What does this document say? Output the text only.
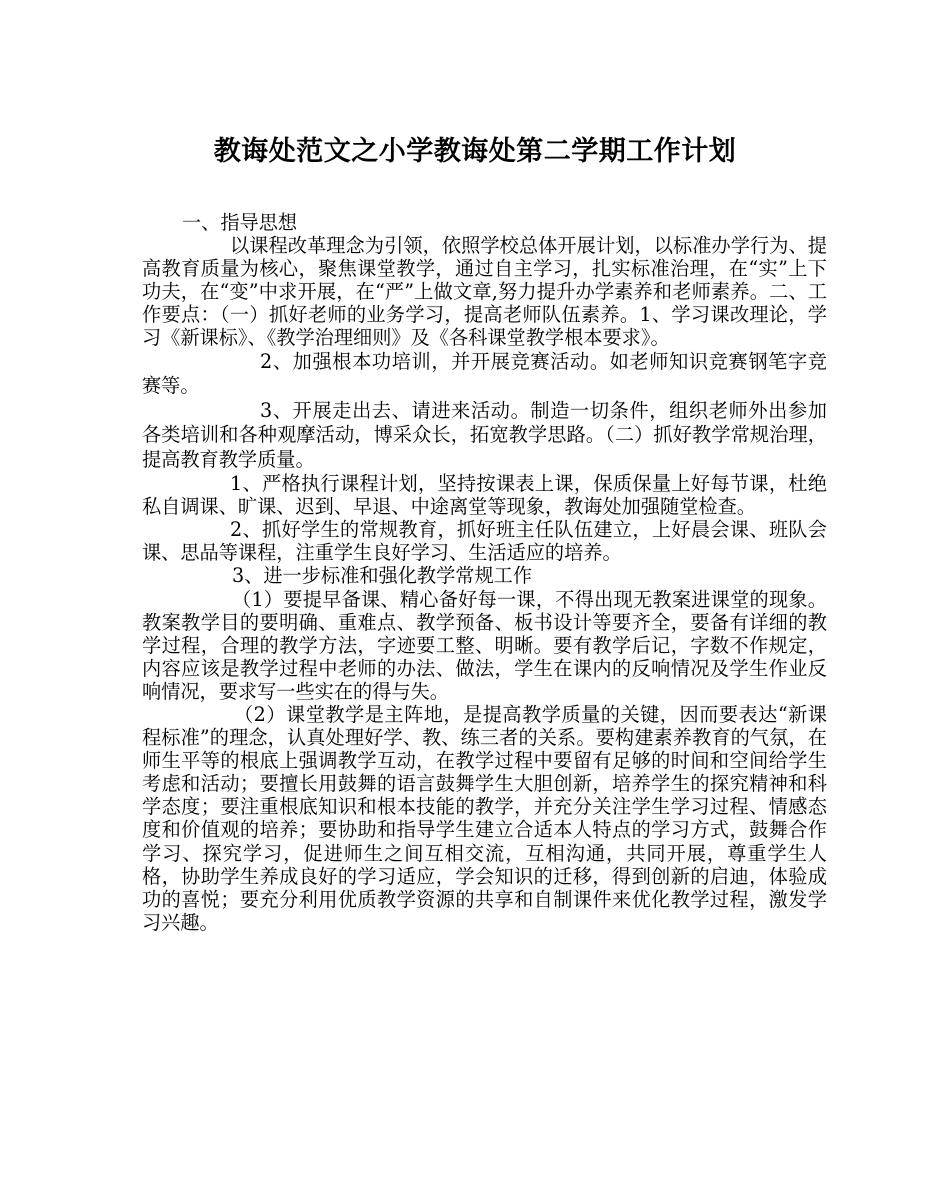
教诲处范文之小学教诲处第二学期工作计划

一、指导思想

以课程改革理念为引领，依照学校总体开展计划，以标准办学行为、提高教育质量为核心，聚焦课堂教学，通过自主学习，扎实标准治理，在“实”上下功夫，在“变”中求开展，在“严”上做文章,努力提升办学素养和老师素养。二、工作要点：（一）抓好老师的业务学习，提高老师队伍素养。1、学习课改理论，学习《新课标》、《教学治理细则》及《各科课堂教学根本要求》。

2、加强根本功培训，并开展竞赛活动。如老师知识竞赛钢笔字竞赛等。

3、开展走出去、请进来活动。制造一切条件，组织老师外出参加各类培训和各种观摩活动，博采众长，拓宽教学思路。（二）抓好教学常规治理，提高教育教学质量。

1、严格执行课程计划，坚持按课表上课，保质保量上好每节课，杜绝私自调课、旷课、迟到、早退、中途离堂等现象，教诲处加强随堂检查。

2、抓好学生的常规教育，抓好班主任队伍建立，上好晨会课、班队会课、思品等课程，注重学生良好学习、生活适应的培养。

3、进一步标准和强化教学常规工作

（1）要提早备课、精心备好每一课，不得出现无教案进课堂的现象。教案教学目的要明确、重难点、教学预备、板书设计等要齐全，要备有详细的教学过程，合理的教学方法，字迹要工整、明晰。要有教学后记，字数不作规定，内容应该是教学过程中老师的办法、做法，学生在课内的反响情况及学生作业反响情况，要求写一些实在的得与失。

（2）课堂教学是主阵地，是提高教学质量的关键，因而要表达“新课程标准”的理念，认真处理好学、教、练三者的关系。要构建素养教育的气氛，在师生平等的根底上强调教学互动，在教学过程中要留有足够的时间和空间给学生考虑和活动；要擅长用鼓舞的语言鼓舞学生大胆创新，培养学生的探究精神和科学态度；要注重根底知识和根本技能的教学，并充分关注学生学习过程、情感态度和价值观的培养；要协助和指导学生建立合适本人特点的学习方式，鼓舞合作学习、探究学习，促进师生之间互相交流，互相沟通，共同开展，尊重学生人格，协助学生养成良好的学习适应，学会知识的迁移，得到创新的启迪，体验成功的喜悦；要充分利用优质教学资源的共享和自制课件来优化教学过程，激发学习兴趣。
